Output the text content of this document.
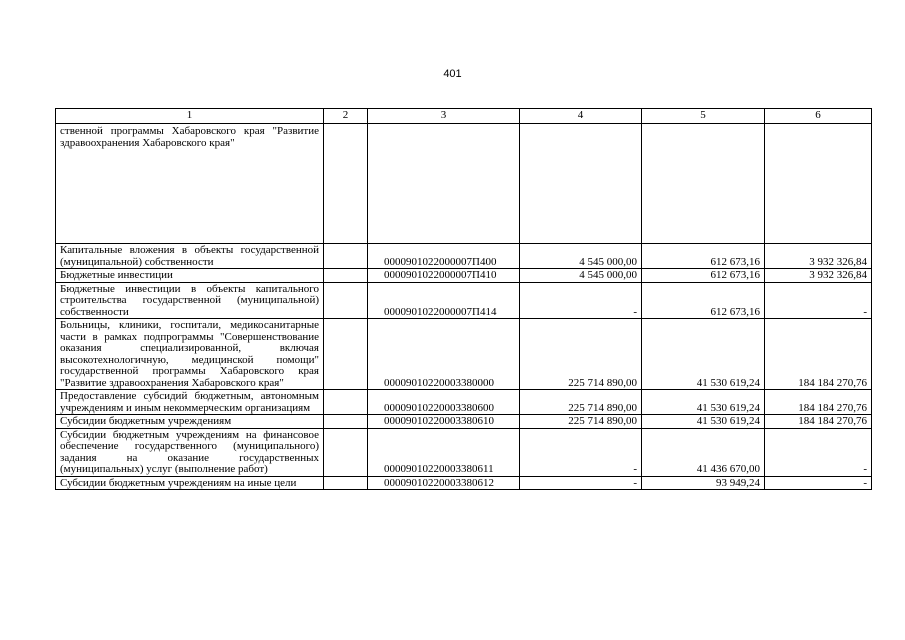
401
1	2	3	4	5	6
ственной программы Хабаровского края "Развитие здравоохранения Хабаровского края"					
Капитальные вложения в объекты государственной (муниципальной) собственности		0000901022000007П400	4 545 000,00	612 673,16	3 932 326,84
Бюджетные инвестиции		0000901022000007П410	4 545 000,00	612 673,16	3 932 326,84
Бюджетные инвестиции в объекты капитального строительства государственной (муниципальной) собственности		0000901022000007П414	-	612 673,16	-
Больницы, клиники, госпитали, медикосанитарные части в рамках подпрограммы "Совершенствование оказания специализированной, включая высокотехнологичную, медицинской помощи" государственной программы Хабаровского края "Развитие здравоохранения Хабаровского края"		00009010220003380000	225 714 890,00	41 530 619,24	184 184 270,76
Предоставление субсидий бюджетным, автономным учреждениям и иным некоммерческим организациям		00009010220003380600	225 714 890,00	41 530 619,24	184 184 270,76
Субсидии бюджетным учреждениям		00009010220003380610	225 714 890,00	41 530 619,24	184 184 270,76
Субсидии бюджетным учреждениям на финансовое обеспечение государственного (муниципального) задания на оказание государственных (муниципальных) услуг (выполнение работ)		00009010220003380611	-	41 436 670,00	-
Субсидии бюджетным учреждениям на иные цели		00009010220003380612	-	93 949,24	-
